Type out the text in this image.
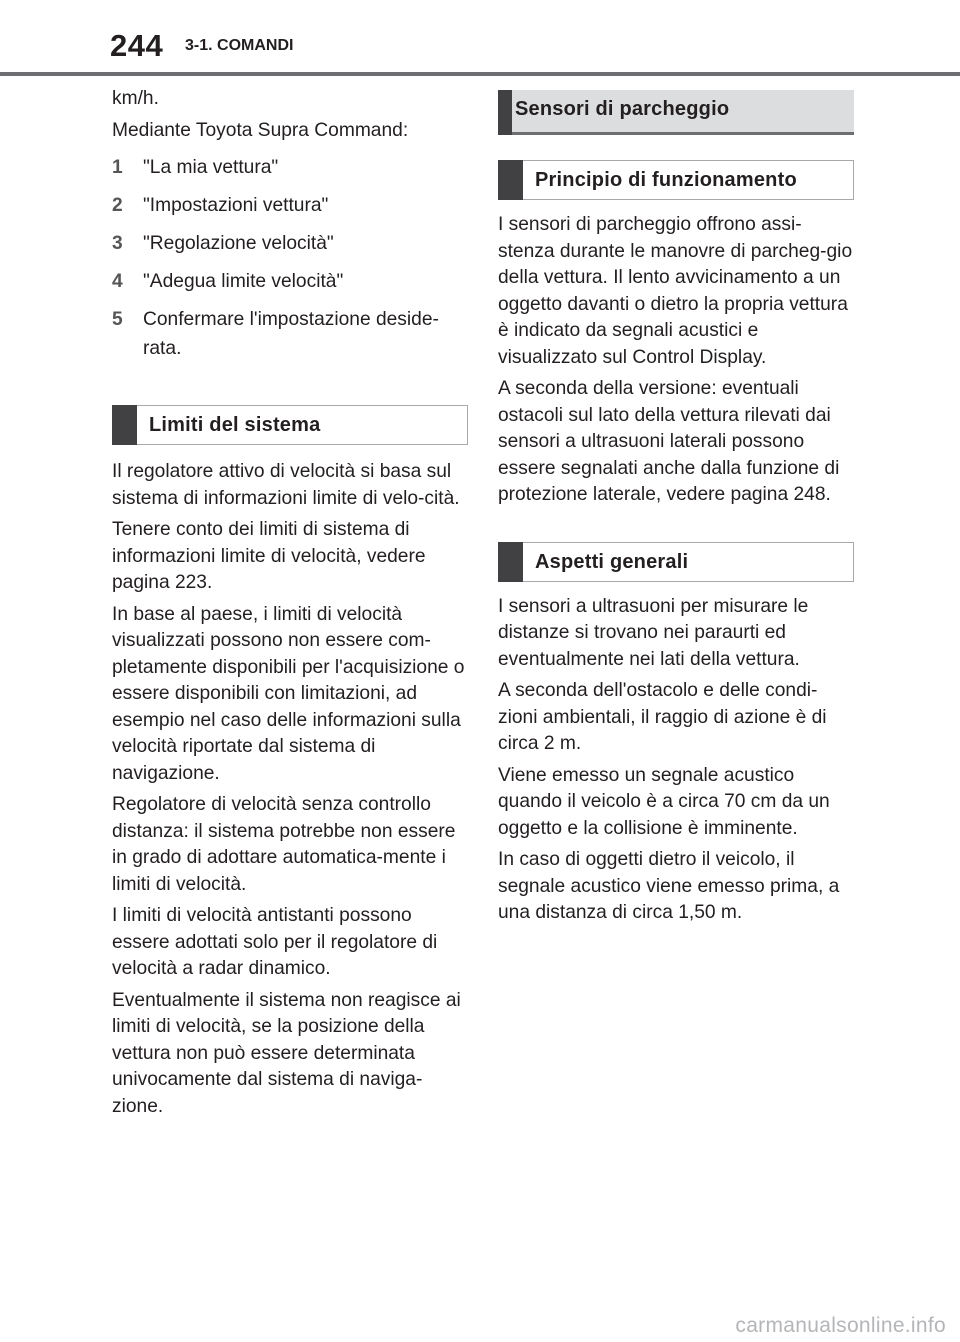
244 3-1. COMANDI

km/h.

Mediante Toyota Supra Command:

1	"La mia vettura"
2	"Impostazioni vettura"
3	"Regolazione velocità"
4	"Adegua limite velocità"
5	Confermare l'impostazione deside-rata.
Limiti del sistema

Il regolatore attivo di velocità si basa sul sistema di informazioni limite di velo-cità.

Tenere conto dei limiti di sistema di informazioni limite di velocità, vedere pagina 223.

In base al paese, i limiti di velocità visualizzati possono non essere com-pletamente disponibili per l'acquisizione o essere disponibili con limitazioni, ad esempio nel caso delle informazioni sulla velocità riportate dal sistema di navigazione.

Regolatore di velocità senza controllo distanza: il sistema potrebbe non essere in grado di adottare automatica-mente i limiti di velocità.

I limiti di velocità antistanti possono essere adottati solo per il regolatore di velocità a radar dinamico.

Eventualmente il sistema non reagisce ai limiti di velocità, se la posizione della vettura non può essere determinata univocamente dal sistema di naviga-zione.

Sensori di parcheggio
Principio di funzionamento

I sensori di parcheggio offrono assi-stenza durante le manovre di parcheg-gio della vettura. Il lento avvicinamento a un oggetto davanti o dietro la propria vettura è indicato da segnali acustici e visualizzato sul Control Display.

A seconda della versione: eventuali ostacoli sul lato della vettura rilevati dai sensori a ultrasuoni laterali possono essere segnalati anche dalla funzione di protezione laterale, vedere pagina 248.

Aspetti generali

I sensori a ultrasuoni per misurare le distanze si trovano nei paraurti ed eventualmente nei lati della vettura.

A seconda dell'ostacolo e delle condi-zioni ambientali, il raggio di azione è di circa 2 m.

Viene emesso un segnale acustico quando il veicolo è a circa 70 cm da un oggetto e la collisione è imminente.

In caso di oggetti dietro il veicolo, il segnale acustico viene emesso prima, a una distanza di circa 1,50 m.

carmanualsonline.info
